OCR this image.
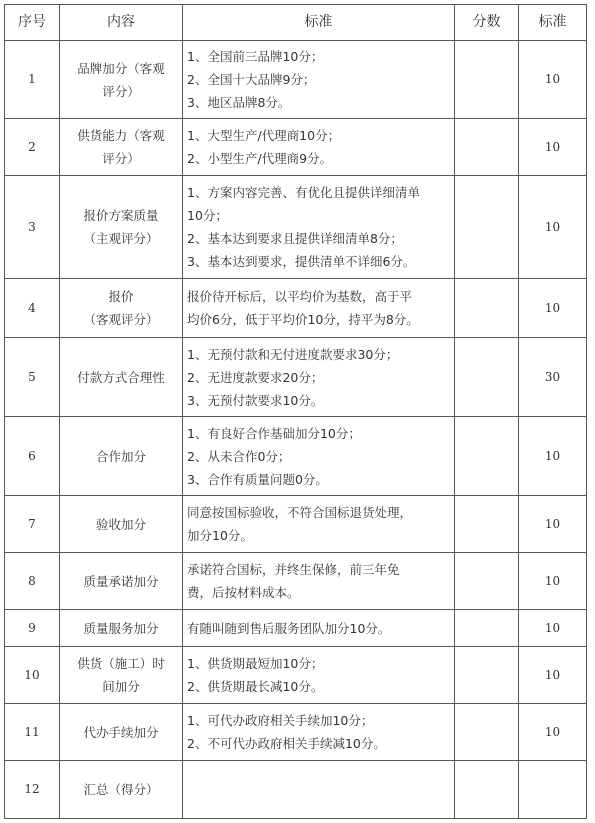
序号	内容	标准	分数	标准
1	品牌加分（客观
评分）	1、全国前三品牌10分；
2、全国十大品牌9分；
3、地区品牌8分。		10
2	供货能力（客观
评分）	1、大型生产/代理商10分；
2、小型生产/代理商9分。		10
3	报价方案质量
（主观评分）	1、方案内容完善、有优化且提供详细清单
10分；
2、基本达到要求且提供详细清单8分；
3、基本达到要求，提供清单不详细6分。		10
4	报价
（客观评分）	报价待开标后，以平均价为基数，高于平
均价6分，低于平均价10分，持平为8分。		10
5	付款方式合理性	1、无预付款和无付进度款要求30分；
2、无进度款要求20分；
3、无预付款要求10分。		30
6	合作加分	1、有良好合作基础加分10分；
2、从未合作0分；
3、合作有质量问题0分。		10
7	验收加分	同意按国标验收，不符合国标退货处理，
加分10分。		10
8	质量承诺加分	承诺符合国标，并终生保修，前三年免
费，后按材料成本。		10
9	质量服务加分	有随叫随到售后服务团队加分10分。		10
10	供货（施工）时
间加分	1、供货期最短加10分；
2、供货期最长减10分。		10
11	代办手续加分	1、可代办政府相关手续加10分；
2、不可代办政府相关手续减10分。		10
12	汇总（得分）			
